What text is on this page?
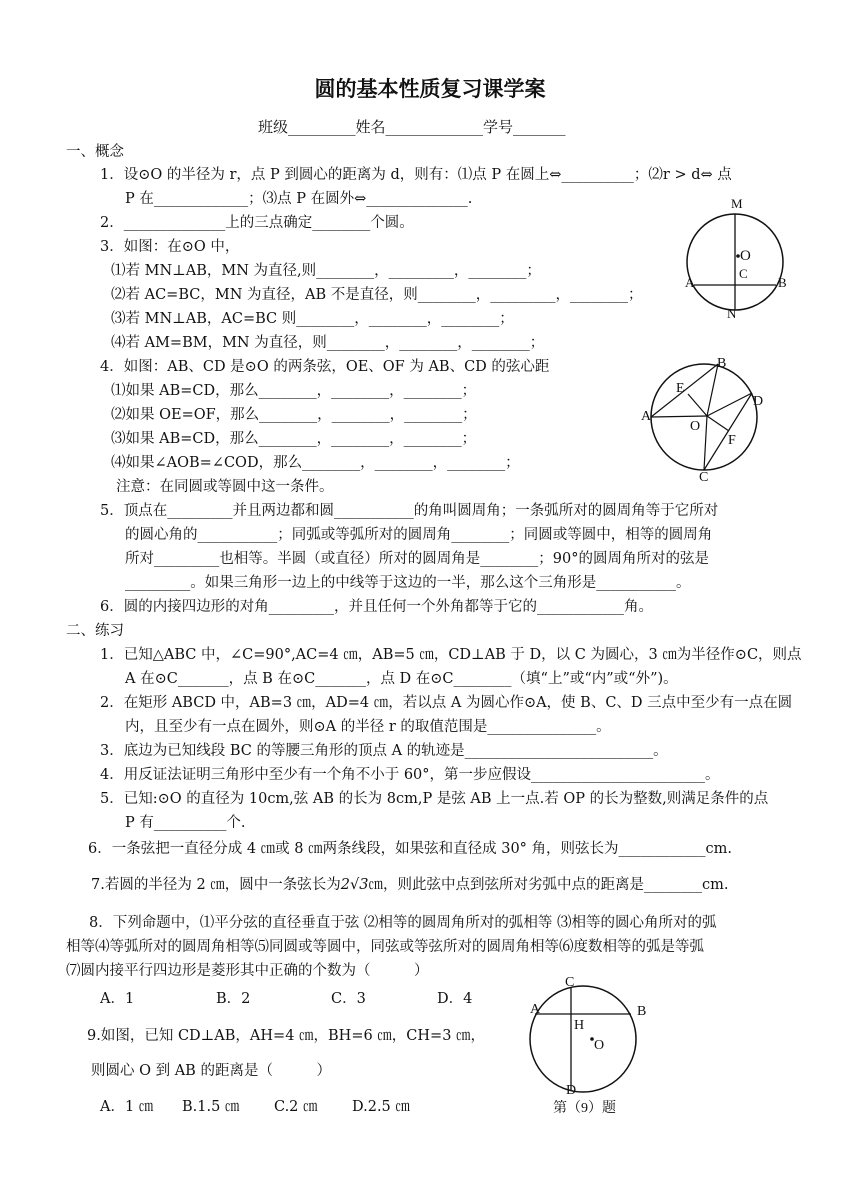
圆的基本性质复习课学案
班级_________姓名_____________学号_______
一、概念
1．设⊙O 的半径为 r，点 P 到圆心的距离为 d，则有：⑴点 P 在圆上⇔__________；⑵r > d⇔ 点
P 在_____________；⑶点 P 在圆外⇔______________.
2．______________上的三点确定________个圆。
3．如图：在⊙O 中，
⑴若 MN⊥AB，MN 为直径,则________，_________，________；
⑵若 AC=BC，MN 为直径，AB 不是直径，则________，_________，________；
⑶若 MN⊥AB，AC=BC 则________，________，________；
⑷若 AM=BM，MN 为直径，则________，________，________；
4．如图：AB、CD 是⊙O 的两条弦，OE、OF 为 AB、CD 的弦心距
⑴如果 AB=CD，那么________，________，________；
⑵如果 OE=OF，那么________，________，________；
⑶如果 AB=CD，那么________，________，________；
⑷如果∠AOB=∠COD，那么________，________，________；
注意：在同圆或等圆中这一条件。
5．顶点在_________并且两边都和圆___________的角叫圆周角；一条弧所对的圆周角等于它所对
的圆心角的___________；同弧或等弧所对的圆周角________；同圆或等圆中，相等的圆周角
所对_________也相等。半圆（或直径）所对的圆周角是________；90°的圆周角所对的弦是
_________。如果三角形一边上的中线等于这边的一半，那么这个三角形是___________。
6．圆的内接四边形的对角_________，并且任何一个外角都等于它的____________角。
二、练习
1．已知△ABC 中，∠C=90°,AC=4 ㎝，AB=5 ㎝，CD⊥AB 于 D，以 C 为圆心，3 ㎝为半径作⊙C，则点
A 在⊙C_______，点 B 在⊙C_______，点 D 在⊙C________（填“上”或“内”或“外”)。
2．在矩形 ABCD 中，AB=3 ㎝，AD=4 ㎝，若以点 A 为圆心作⊙A，使 B、C、D 三点中至少有一点在圆
内，且至少有一点在圆外，则⊙A 的半径 r 的取值范围是_______________。
3．底边为已知线段 BC 的等腰三角形的顶点 A 的轨迹是__________________________。
4．用反证法证明三角形中至少有一个角不小于 60°，第一步应假设________________________。
5．已知:⊙O 的直径为 10cm,弦 AB 的长为 8cm,P 是弦 AB 上一点.若 OP 的长为整数,则满足条件的点
P 有__________个.
6．一条弦把一直径分成 4 ㎝或 8 ㎝两条线段，如果弦和直径成 30° 角，则弦长为____________cm.
7.若圆的半径为 2 ㎝，圆中一条弦长为2√3㎝，则此弦中点到弦所对劣弧中点的距离是________cm.
8．下列命题中，⑴平分弦的直径垂直于弦 ⑵相等的圆周角所对的弧相等 ⑶相等的圆心角所对的弧
相等⑷等弧所对的圆周角相等⑸同圆或等圆中，同弦或等弦所对的圆周角相等⑹度数相等的弧是等弧
⑺圆内接平行四边形是菱形其中正确的个数为（　　　）
A．1	B．2	C．3	D．4
9.如图，已知 CD⊥AB，AH=4 ㎝，BH=6 ㎝，CH=3 ㎝，
则圆心 O 到 AB 的距离是（　　　）
A．1 ㎝ B.1.5 ㎝ C.2 ㎝ D.2.5 ㎝
M
O
C
A	B
N
B
E
D
A
O
F
C
C
A
H
B
O
D
第（9）题
